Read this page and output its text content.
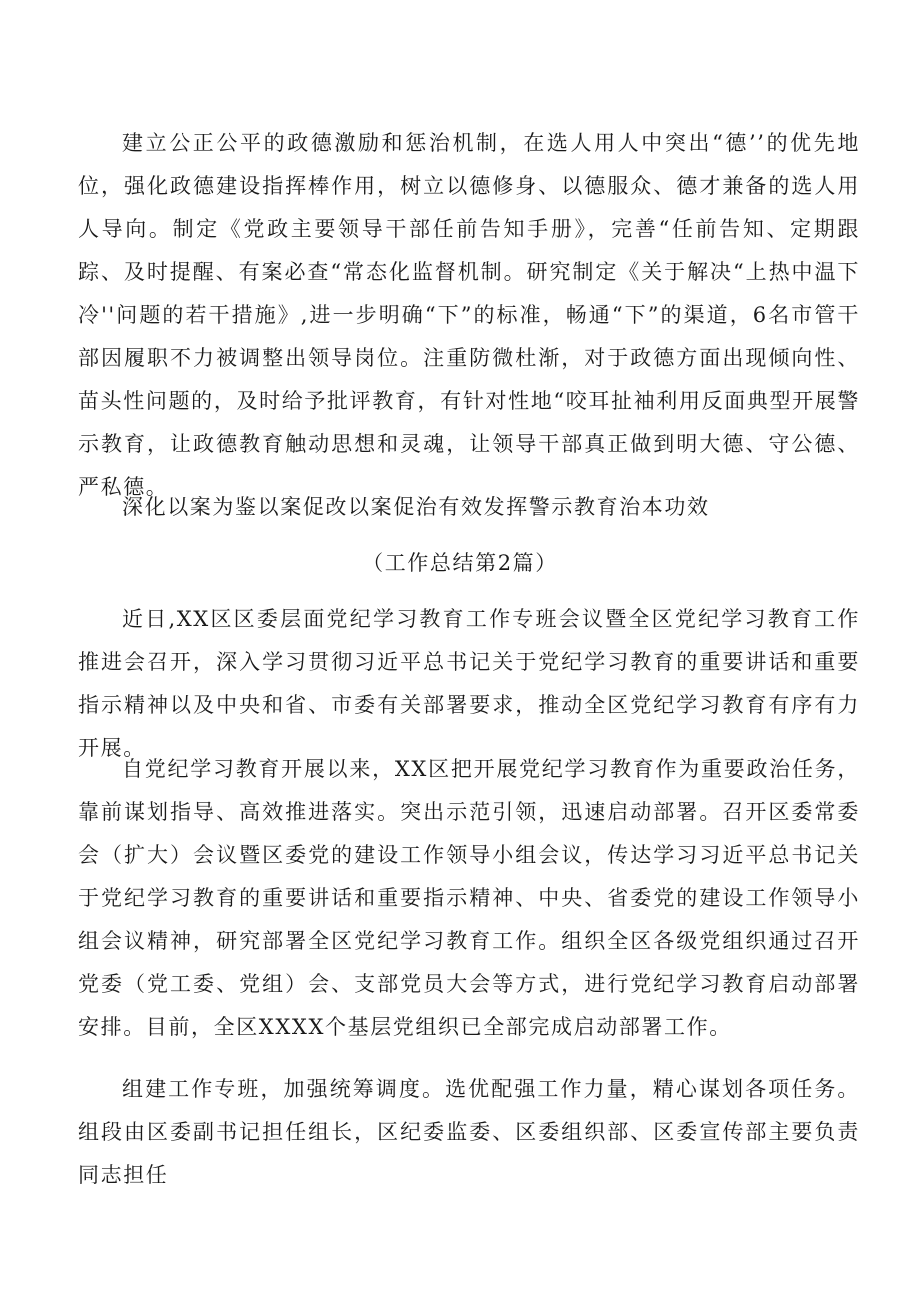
建立公正公平的政德激励和惩治机制，在选人用人中突出“德’’的优先地位，强化政德建设指挥棒作用，树立以德修身、以德服众、德才兼备的选人用人导向。制定《党政主要领导干部任前告知手册》，完善“任前告知、定期跟踪、及时提醒、有案必查“常态化监督机制。研究制定《关于解决“上热中温下冷''问题的若干措施》,进一步明确“下”的标准，畅通“下”的渠道，6名市管干部因履职不力被调整出领导岗位。注重防微杜渐，对于政德方面出现倾向性、苗头性问题的，及时给予批评教育，有针对性地“咬耳扯袖利用反面典型开展警示教育，让政德教育触动思想和灵魂，让领导干部真正做到明大德、守公德、严私德。

深化以案为鉴以案促改以案促治有效发挥警示教育治本功效

（工作总结第2篇）

近日,XX区区委层面党纪学习教育工作专班会议暨全区党纪学习教育工作推进会召开，深入学习贯彻习近平总书记关于党纪学习教育的重要讲话和重要指示精神以及中央和省、市委有关部署要求，推动全区党纪学习教育有序有力开展。

自党纪学习教育开展以来，XX区把开展党纪学习教育作为重要政治任务，靠前谋划指导、高效推进落实。突出示范引领，迅速启动部署。召开区委常委会（扩大）会议暨区委党的建设工作领导小组会议，传达学习习近平总书记关于党纪学习教育的重要讲话和重要指示精神、中央、省委党的建设工作领导小组会议精神，研究部署全区党纪学习教育工作。组织全区各级党组织通过召开党委（党工委、党组）会、支部党员大会等方式，进行党纪学习教育启动部署安排。目前，全区XXXX个基层党组织已全部完成启动部署工作。

组建工作专班，加强统筹调度。选优配强工作力量，精心谋划各项任务。组段由区委副书记担任组长，区纪委监委、区委组织部、区委宣传部主要负责同志担任
